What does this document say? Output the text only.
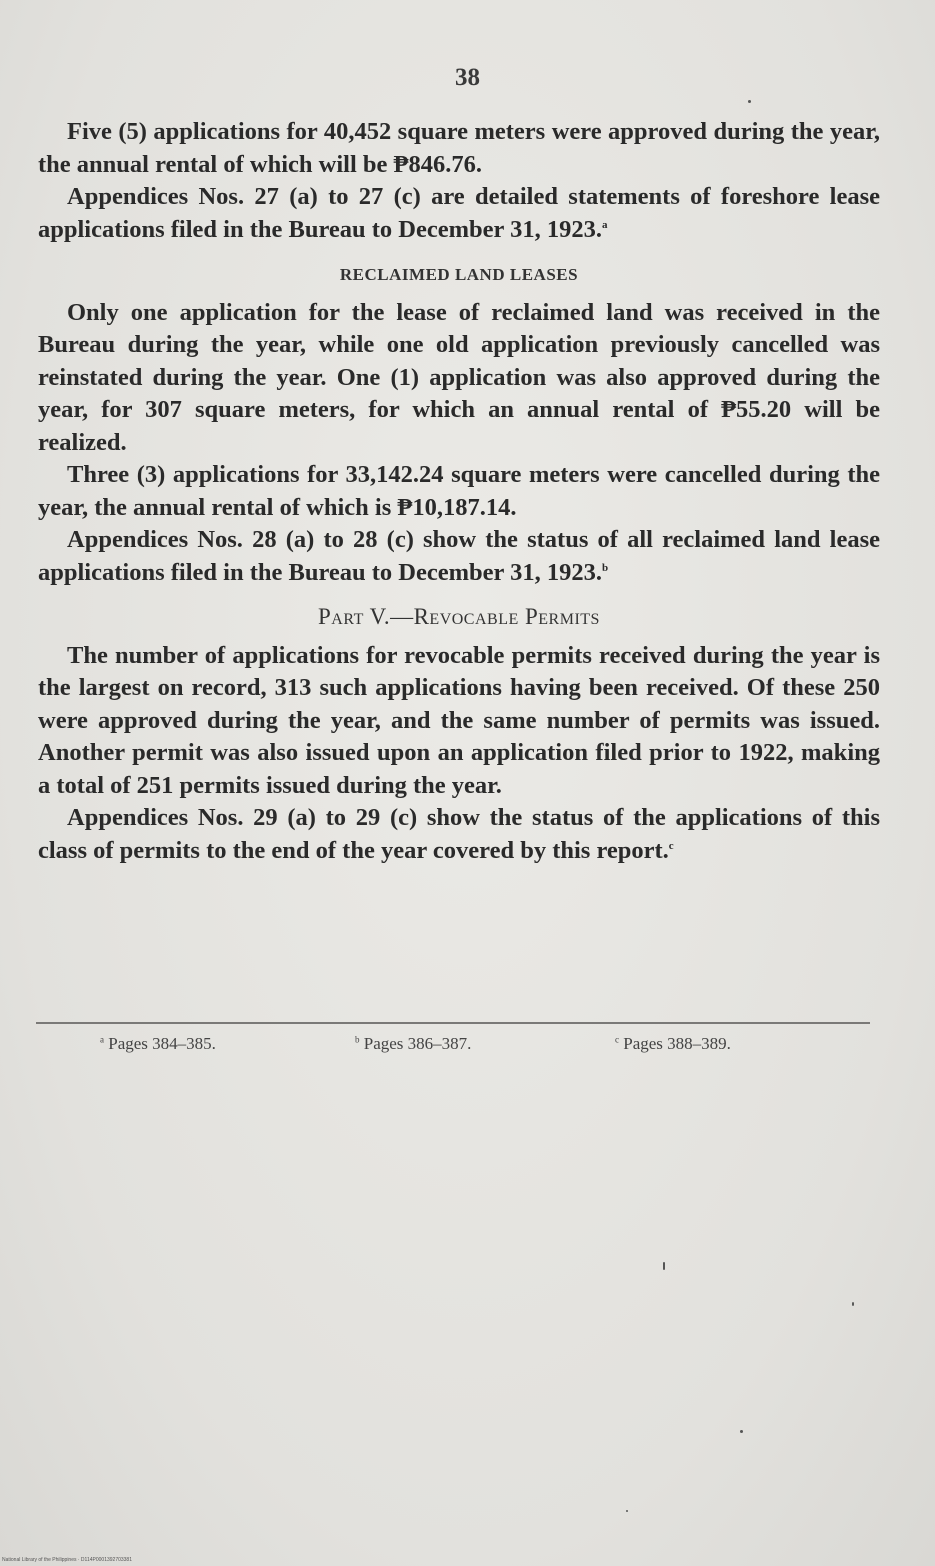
38

Five (5) applications for 40,452 square meters were approved during the year, the annual rental of which will be ₱846.76.

Appendices Nos. 27 (a) to 27 (c) are detailed statements of foreshore lease applications filed in the Bureau to December 31, 1923.$^a$

RECLAIMED LAND LEASES

Only one application for the lease of reclaimed land was received in the Bureau during the year, while one old application previously cancelled was reinstated during the year. One (1) application was also approved during the year, for 307 square meters, for which an annual rental of ₱55.20 will be realized.

Three (3) applications for 33,142.24 square meters were cancelled during the year, the annual rental of which is ₱10,187.14.

Appendices Nos. 28 (a) to 28 (c) show the status of all reclaimed land lease applications filed in the Bureau to December 31, 1923.$^b$

Part V.—Revocable Permits

The number of applications for revocable permits received during the year is the largest on record, 313 such applications having been received. Of these 250 were approved during the year, and the same number of permits was issued. Another permit was also issued upon an application filed prior to 1922, making a total of 251 permits issued during the year.

Appendices Nos. 29 (a) to 29 (c) show the status of the applications of this class of permits to the end of the year covered by this report.$^c$

$^a$ Pages 384–385.	$^b$ Pages 386–387.	$^c$ Pages 388–389.
National Library of the Philippines · D114P0001392703381
